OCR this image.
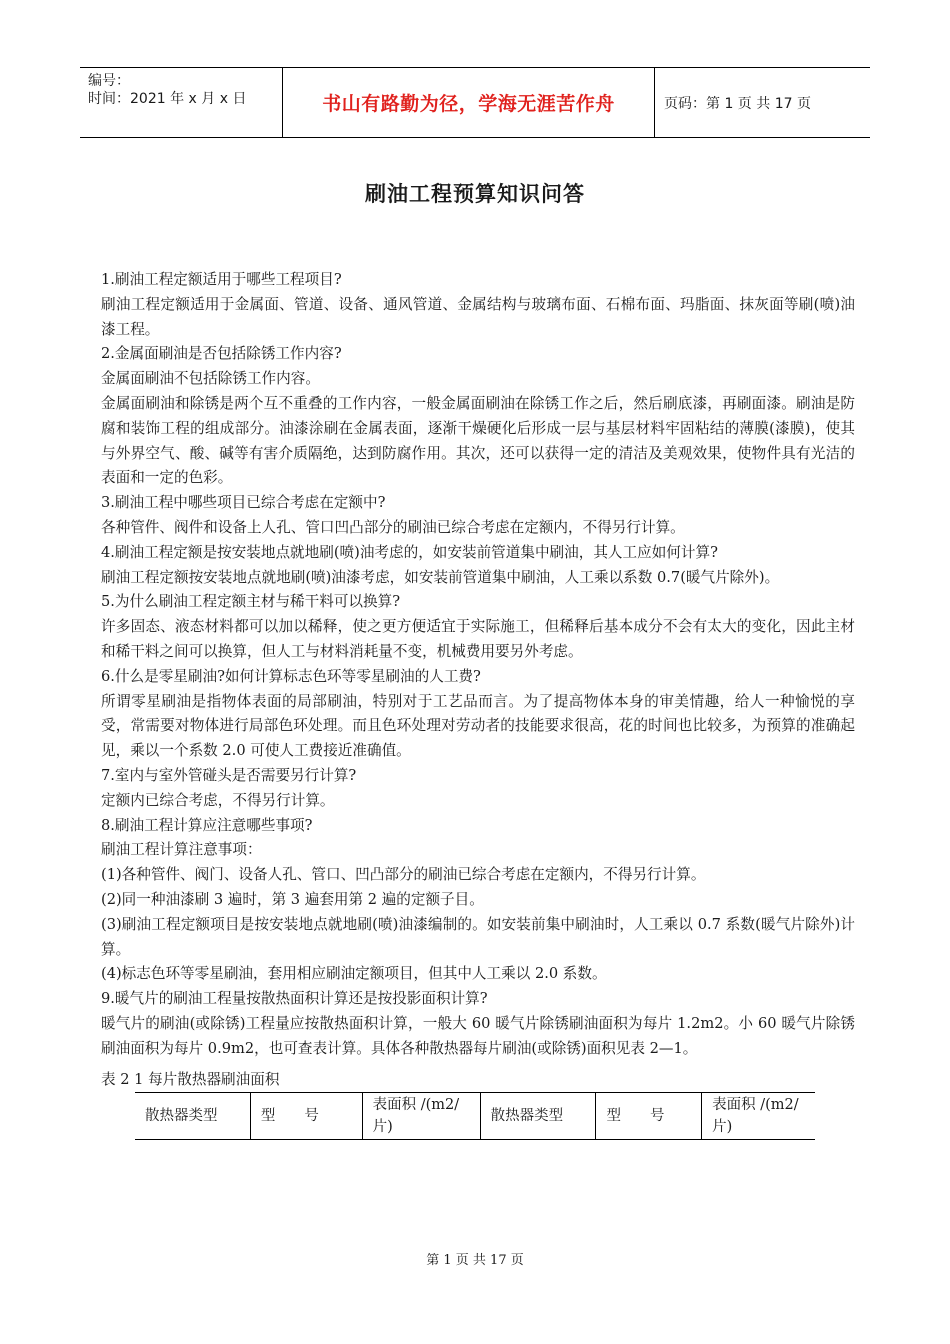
编号：
时间：2021 年 x 月 x 日	书山有路勤为径，学海无涯苦作舟	页码：第 1 页 共 17 页
刷油工程预算知识问答

1.刷油工程定额适用于哪些工程项目?

刷油工程定额适用于金属面、管道、设备、通风管道、金属结构与玻璃布面、石棉布面、玛脂面、抹灰面等刷(喷)油漆工程。

2.金属面刷油是否包括除锈工作内容?

金属面刷油不包括除锈工作内容。

金属面刷油和除锈是两个互不重叠的工作内容，一般金属面刷油在除锈工作之后，然后刷底漆，再刷面漆。刷油是防腐和装饰工程的组成部分。油漆涂刷在金属表面，逐渐干燥硬化后形成一层与基层材料牢固粘结的薄膜(漆膜)，使其与外界空气、酸、碱等有害介质隔绝，达到防腐作用。其次，还可以获得一定的清洁及美观效果，使物件具有光洁的表面和一定的色彩。

3.刷油工程中哪些项目已综合考虑在定额中?

各种管件、阀件和设备上人孔、管口凹凸部分的刷油已综合考虑在定额内，不得另行计算。

4.刷油工程定额是按安装地点就地刷(喷)油考虑的，如安装前管道集中刷油，其人工应如何计算?

刷油工程定额按安装地点就地刷(喷)油漆考虑，如安装前管道集中刷油，人工乘以系数 0.7(暖气片除外)。

5.为什么刷油工程定额主材与稀干料可以换算?

许多固态、液态材料都可以加以稀释，使之更方便适宜于实际施工，但稀释后基本成分不会有太大的变化，因此主材和稀干料之间可以换算，但人工与材料消耗量不变，机械费用要另外考虑。

6.什么是零星刷油?如何计算标志色环等零星刷油的人工费?

所谓零星刷油是指物体表面的局部刷油，特别对于工艺品而言。为了提高物体本身的审美情趣，给人一种愉悦的享受，常需要对物体进行局部色环处理。而且色环处理对劳动者的技能要求很高，花的时间也比较多，为预算的准确起见，乘以一个系数 2.0 可使人工费接近准确值。

7.室内与室外管碰头是否需要另行计算?

定额内已综合考虑，不得另行计算。

8.刷油工程计算应注意哪些事项?

刷油工程计算注意事项：

(1)各种管件、阀门、设备人孔、管口、凹凸部分的刷油已综合考虑在定额内，不得另行计算。

(2)同一种油漆刷 3 遍时，第 3 遍套用第 2 遍的定额子目。

(3)刷油工程定额项目是按安装地点就地刷(喷)油漆编制的。如安装前集中刷油时，人工乘以 0.7 系数(暖气片除外)计算。

(4)标志色环等零星刷油，套用相应刷油定额项目，但其中人工乘以 2.0 系数。

9.暖气片的刷油工程量按散热面积计算还是按投影面积计算?

暖气片的刷油(或除锈)工程量应按散热面积计算，一般大 60 暖气片除锈刷油面积为每片 1.2m2。小 60 暖气片除锈刷油面积为每片 0.9m2，也可查表计算。具体各种散热器每片刷油(或除锈)面积见表 2—1。

表 2 1 每片散热器刷油面积
散热器类型	型　　号	表面积 /(m2/片)	散热器类型	型　　号	表面积 /(m2/片)
第 1 页 共 17 页
